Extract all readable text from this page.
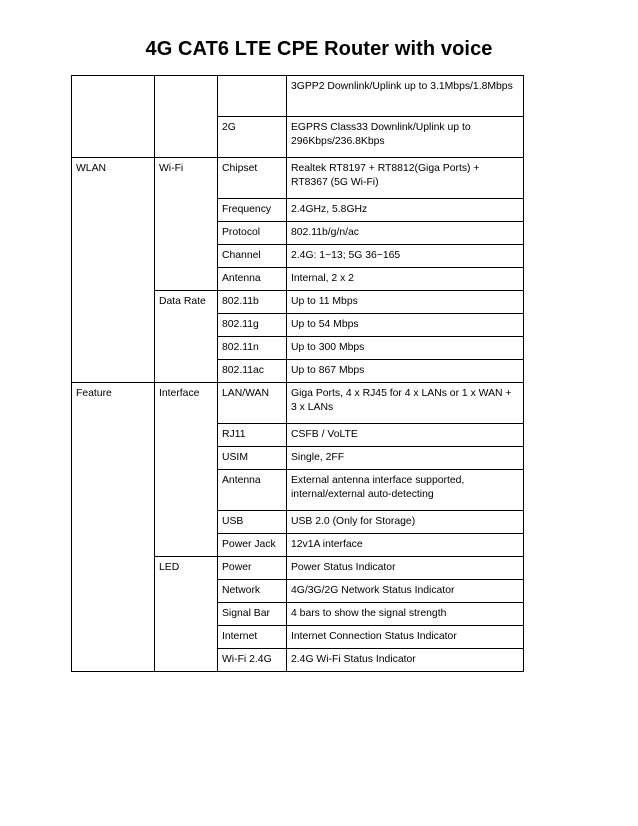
4G CAT6 LTE CPE Router with voice
			3GPP2 Downlink/Uplink up to 3.1Mbps/1.8Mbps
		2G	EGPRS Class33 Downlink/Uplink up to 296Kbps/236.8Kbps
WLAN	Wi-Fi	Chipset	Realtek RT8197 + RT8812(Giga Ports) + RT8367 (5G Wi-Fi)
		Frequency	2.4GHz, 5.8GHz
		Protocol	802.11b/g/n/ac
		Channel	2.4G: 1~13; 5G 36~165
		Antenna	Internal, 2 x 2
	Data Rate	802.11b	Up to 11 Mbps
		802.11g	Up to 54 Mbps
		802.11n	Up to 300 Mbps
		802.11ac	Up to 867 Mbps
Feature	Interface	LAN/WAN	Giga Ports, 4 x RJ45 for 4 x LANs or 1 x WAN + 3 x LANs
		RJ11	CSFB / VoLTE
		USIM	Single, 2FF
		Antenna	External antenna interface supported, internal/external auto-detecting
		USB	USB 2.0 (Only for Storage)
		Power Jack	12v1A interface
	LED	Power	Power Status Indicator
		Network	4G/3G/2G Network Status Indicator
		Signal Bar	4 bars to show the signal strength
		Internet	Internet Connection Status Indicator
		Wi-Fi 2.4G	2.4G Wi-Fi Status Indicator
